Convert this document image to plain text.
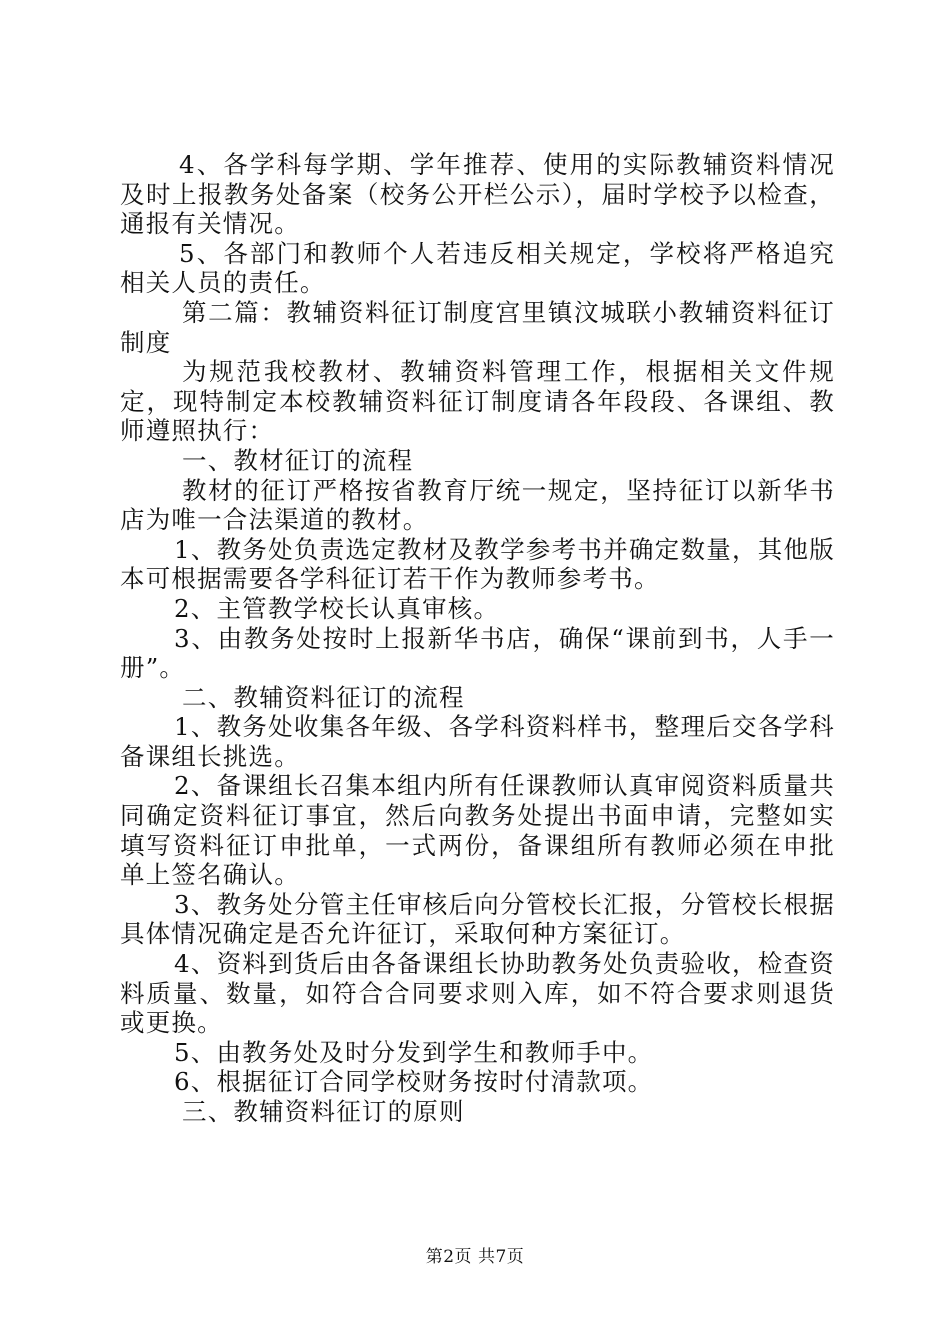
4、各学科每学期、学年推荐、使用的实际教辅资料情况及时上报教务处备案（校务公开栏公示），届时学校予以检查，通报有关情况。

5、各部门和教师个人若违反相关规定，学校将严格追究相关人员的责任。

第二篇：教辅资料征订制度宫里镇汶城联小教辅资料征订制度

为规范我校教材、教辅资料管理工作，根据相关文件规定，现特制定本校教辅资料征订制度请各年段段、各课组、教师遵照执行：

一、教材征订的流程

教材的征订严格按省教育厅统一规定，坚持征订以新华书店为唯一合法渠道的教材。

1、教务处负责选定教材及教学参考书并确定数量，其他版本可根据需要各学科征订若干作为教师参考书。

2、主管教学校长认真审核。

3、由教务处按时上报新华书店，确保“课前到书，人手一册”。

二、教辅资料征订的流程

1、教务处收集各年级、各学科资料样书，整理后交各学科备课组长挑选。

2、备课组长召集本组内所有任课教师认真审阅资料质量共同确定资料征订事宜，然后向教务处提出书面申请，完整如实填写资料征订申批单，一式两份，备课组所有教师必须在申批单上签名确认。

3、教务处分管主任审核后向分管校长汇报，分管校长根据具体情况确定是否允许征订，采取何种方案征订。

4、资料到货后由各备课组长协助教务处负责验收，检查资料质量、数量，如符合合同要求则入库，如不符合要求则退货或更换。

5、由教务处及时分发到学生和教师手中。

6、根据征订合同学校财务按时付清款项。

三、教辅资料征订的原则

第2页 共7页
